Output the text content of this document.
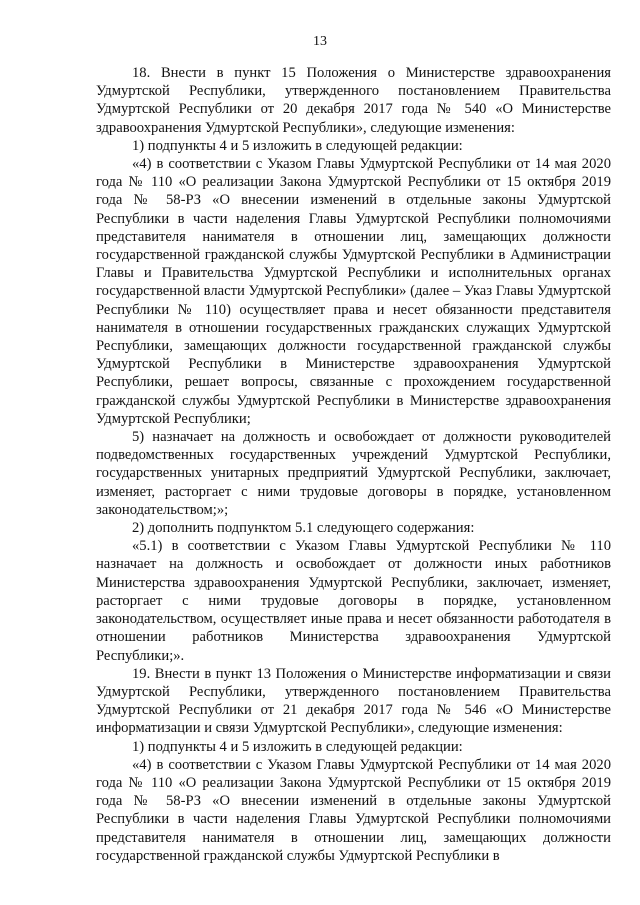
13

18. Внести в пункт 15 Положения о Министерстве здравоохранения Удмуртской Республики, утвержденного постановлением Правительства Удмуртской Республики от 20 декабря 2017 года № 540 «О Министерстве здравоохранения Удмуртской Республики», следующие изменения:

1) подпункты 4 и 5 изложить в следующей редакции:

«4) в соответствии с Указом Главы Удмуртской Республики от 14 мая 2020 года № 110 «О реализации Закона Удмуртской Республики от 15 октября 2019 года № 58-РЗ «О внесении изменений в отдельные законы Удмуртской Республики в части наделения Главы Удмуртской Республики полномочиями представителя нанимателя в отношении лиц, замещающих должности государственной гражданской службы Удмуртской Республики в Администрации Главы и Правительства Удмуртской Республики и исполнительных органах государственной власти Удмуртской Республики» (далее – Указ Главы Удмуртской Республики № 110) осуществляет права и несет обязанности представителя нанимателя в отношении государственных гражданских служащих Удмуртской Республики, замещающих должности государственной гражданской службы Удмуртской Республики в Министерстве здравоохранения Удмуртской Республики, решает вопросы, связанные с прохождением государственной гражданской службы Удмуртской Республики в Министерстве здравоохранения Удмуртской Республики;

5) назначает на должность и освобождает от должности руководителей подведомственных государственных учреждений Удмуртской Республики, государственных унитарных предприятий Удмуртской Республики, заключает, изменяет, расторгает с ними трудовые договоры в порядке, установленном законодательством;»;

2) дополнить подпунктом 5.1 следующего содержания:

«5.1) в соответствии с Указом Главы Удмуртской Республики № 110 назначает на должность и освобождает от должности иных работников Министерства здравоохранения Удмуртской Республики, заключает, изменяет, расторгает с ними трудовые договоры в порядке, установленном законодательством, осуществляет иные права и несет обязанности работодателя в отношении работников Министерства здравоохранения Удмуртской Республики;».

19. Внести в пункт 13 Положения о Министерстве информатизации и связи Удмуртской Республики, утвержденного постановлением Правительства Удмуртской Республики от 21 декабря 2017 года № 546 «О Министерстве информатизации и связи Удмуртской Республики», следующие изменения:

1) подпункты 4 и 5 изложить в следующей редакции:

«4) в соответствии с Указом Главы Удмуртской Республики от 14 мая 2020 года № 110 «О реализации Закона Удмуртской Республики от 15 октября 2019 года № 58-РЗ «О внесении изменений в отдельные законы Удмуртской Республики в части наделения Главы Удмуртской Республики полномочиями представителя нанимателя в отношении лиц, замещающих должности государственной гражданской службы Удмуртской Республики в
